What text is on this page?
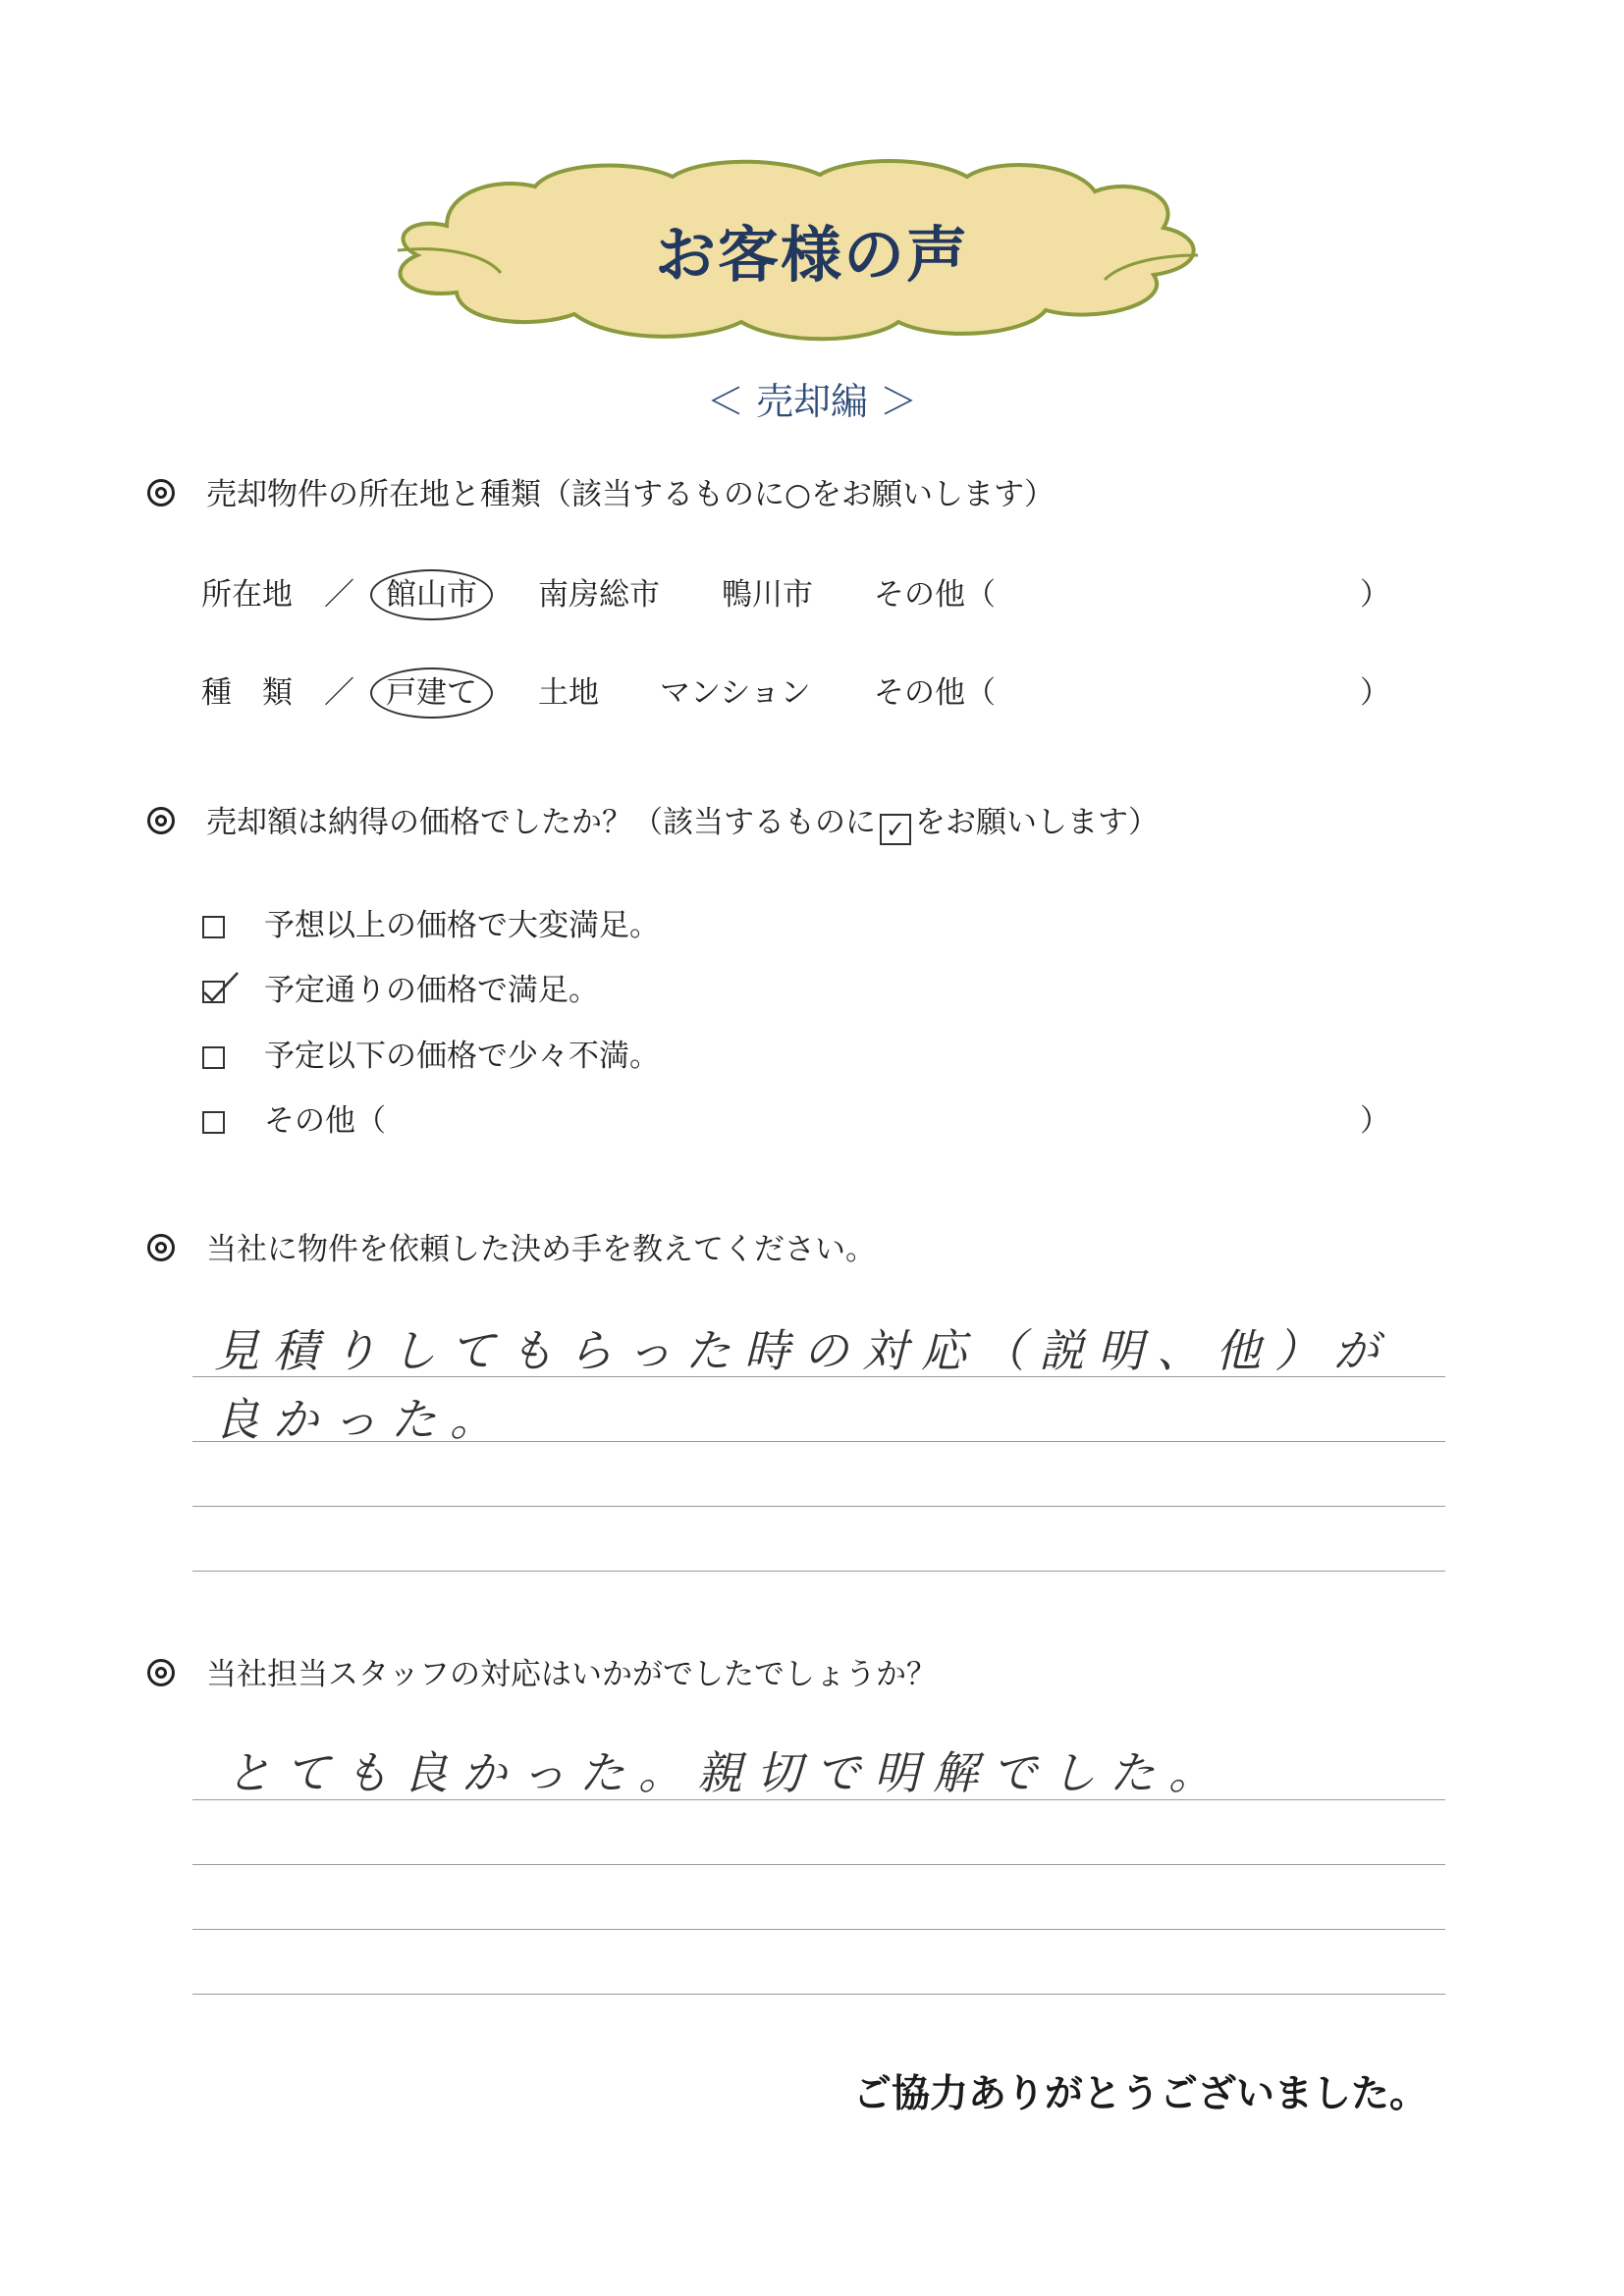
お客様の声
＜ 売却編 ＞
売却物件の所在地と種類（該当するものに○をお願いします）
所在地 ／ 館山市	南房総市 鴨川市 その他（	）
種　類 ／ 戸建て	土地 マンション その他（	）
売却額は納得の価格でしたか？（該当するものに ✓ をお願いします）
予想以上の価格で大変満足。
予定通りの価格で満足。
予定以下の価格で少々不満。
その他（	）
当社に物件を依頼した決め手を教えてください。
見積りしてもらった時の対応（説明、他）が
良かった。
当社担当スタッフの対応はいかがでしたでしょうか？
とても良かった。親切で明解でした。
ご協力ありがとうございました。
